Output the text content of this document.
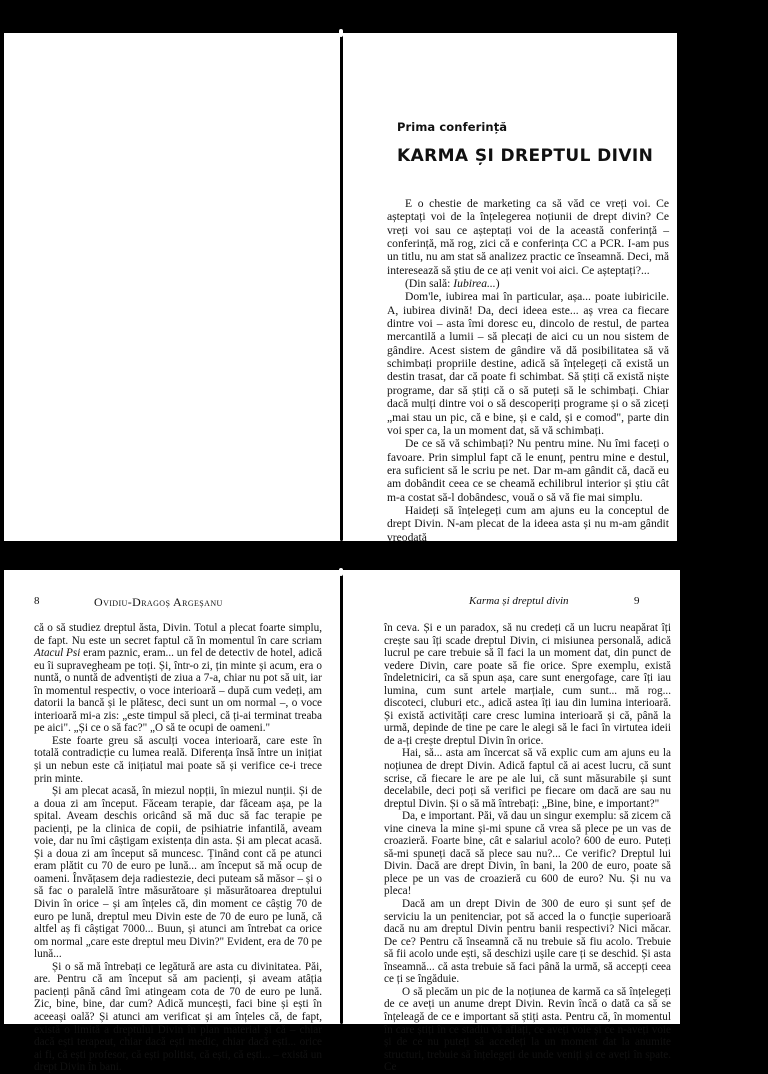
Prima conferință
KARMA ȘI DREPTUL DIVIN

E o chestie de marketing ca să văd ce vreți voi. Ce așteptați voi de la înțelegerea noțiunii de drept divin? Ce vreți voi sau ce așteptați voi de la această conferință – conferință, mă rog, zici că e conferința CC a PCR. I-am pus un titlu, nu am stat să analizez practic ce înseamnă. Deci, mă interesează să știu de ce ați venit voi aici. Ce așteptați?...

(Din sală: Iubirea...)

Dom'le, iubirea mai în particular, așa... poate iubiricile. A, iubirea divină! Da, deci ideea este... aș vrea ca fiecare dintre voi – asta îmi doresc eu, dincolo de restul, de partea mercantilă a lumii – să plecați de aici cu un nou sistem de gândire. Acest sistem de gândire vă dă posibilitatea să vă schimbați propriile destine, adică să înțelegeți că există un destin trasat, dar că poate fi schimbat. Să știți că există niște programe, dar să știți că o să puteți să le schimbați. Chiar dacă mulți dintre voi o să descoperiți programe și o să ziceți „mai stau un pic, că e bine, și e cald, și e comod", parte din voi sper ca, la un moment dat, să vă schimbați.

De ce să vă schimbați? Nu pentru mine. Nu îmi faceți o favoare. Prin simplul fapt că le enunț, pentru mine e destul, era suficient să le scriu pe net. Dar m-am gândit că, dacă eu am dobândit ceea ce se cheamă echilibrul interior și știu cât m-a costat să-l dobândesc, vouă o să vă fie mai simplu.

Haideți să înțelegeți cum am ajuns eu la conceptul de drept Divin. N-am plecat de la ideea asta și nu m-am gândit vreodată

8	Ovidiu-Dragoș Argeșanu	Karma și dreptul divin	9

că o să studiez dreptul ăsta, Divin. Totul a plecat foarte simplu, de fapt. Nu este un secret faptul că în momentul în care scriam Atacul Psi eram paznic, eram... un fel de detectiv de hotel, adică eu îi supravegheam pe toți. Și, într-o zi, țin minte și acum, era o nuntă, o nuntă de adventiști de ziua a 7-a, chiar nu pot să uit, iar în momentul respectiv, o voce interioară – după cum vedeți, am datorii la bancă și le plătesc, deci sunt un om normal –, o voce interioară mi-a zis: „este timpul să pleci, că ți-ai terminat treaba pe aici". „Și ce o să fac?" „O să te ocupi de oameni."

Este foarte greu să asculți vocea interioară, care este în totală contradicție cu lumea reală. Diferența însă între un inițiat și un nebun este că inițiatul mai poate să și verifice ce-i trece prin minte.

Și am plecat acasă, în miezul nopții, în miezul nunții. Și de a doua zi am început. Făceam terapie, dar făceam așa, pe la spital. Aveam deschis oricând să mă duc să fac terapie pe pacienți, pe la clinica de copii, de psihiatrie infantilă, aveam voie, dar nu îmi câștigam existența din asta. Și am plecat acasă. Și a doua zi am început să muncesc. Ținând cont că pe atunci eram plătit cu 70 de euro pe lună... am început să mă ocup de oameni. Învățasem deja radiestezie, deci puteam să măsor – și o să fac o paralelă între măsurătoare și măsurătoarea dreptului Divin în orice – și am înțeles că, din moment ce câștig 70 de euro pe lună, dreptul meu Divin este de 70 de euro pe lună, că altfel aș fi câștigat 7000... Buun, și atunci am întrebat ca orice om normal „care este dreptul meu Divin?" Evident, era de 70 pe lună...

Și o să mă întrebați ce legătură are asta cu divinitatea. Păi, are. Pentru că am început să am pacienți, și aveam atâția pacienți până când îmi atingeam cota de 70 de euro pe lună. Zic, bine, bine, dar cum? Adică muncești, faci bine și ești în aceeași oală? Și atunci am verificat și am înțeles că, de fapt, există o limită a dreptului Divin în plan material și că – chiar dacă ești terapeut, chiar dacă ești medic, chiar dacă ești... orice ai fi, că ești profesor, că ești politist, că ești, că ești... – există un drept Divin în bani.

în ceva. Și e un paradox, să nu credeți că un lucru neapărat îți crește sau îți scade dreptul Divin, ci misiunea personală, adică lucrul pe care trebuie să îl faci la un moment dat, din punct de vedere Divin, care poate să fie orice. Spre exemplu, există îndeletniciri, ca să spun așa, care sunt energofage, care îți iau lumina, cum sunt artele marțiale, cum sunt... mă rog... discoteci, cluburi etc., adică astea îți iau din lumina interioară. Și există activități care cresc lumina interioară și că, până la urmă, depinde de tine pe care le alegi să le faci în virtutea ideii de a-ți crește dreptul Divin în orice.

Hai, să... asta am încercat să vă explic cum am ajuns eu la noțiunea de drept Divin. Adică faptul că ai acest lucru, că sunt scrise, că fiecare le are pe ale lui, că sunt măsurabile și sunt decelabile, deci poți să verifici pe fiecare om dacă are sau nu dreptul Divin. Și o să mă întrebați: „Bine, bine, e important?"

Da, e important. Păi, vă dau un singur exemplu: să zicem că vine cineva la mine și-mi spune că vrea să plece pe un vas de croazieră. Foarte bine, cât e salariul acolo? 600 de euro. Puteți să-mi spuneți dacă să plece sau nu?... Ce verific? Dreptul lui Divin. Dacă are drept Divin, în bani, la 200 de euro, poate să plece pe un vas de croazieră cu 600 de euro? Nu. Și nu va pleca!

Dacă am un drept Divin de 300 de euro și sunt șef de serviciu la un penitenciar, pot să acced la o funcție superioară dacă nu am dreptul Divin pentru banii respectivi? Nici măcar. De ce? Pentru că înseamnă că nu trebuie să fiu acolo. Trebuie să fii acolo unde ești, să deschizi ușile care ți se deschid. Și asta înseamnă... că asta trebuie să faci până la urmă, să accepți ceea ce ți se îngăduie.

O să plecăm un pic de la noțiunea de karmă ca să înțelegeți de ce aveți un anume drept Divin. Revin încă o dată ca să se înțeleagă de ce e important să știți asta. Pentru că, în momentul în care știți în ce stadiu vă aflați, ce aveți voie și ce n-aveți voie și de ce nu puteți să accedeți la un moment dat la anumite structuri, trebuie să înțelegeți de unde veniți și ce aveți în spate. Ce
